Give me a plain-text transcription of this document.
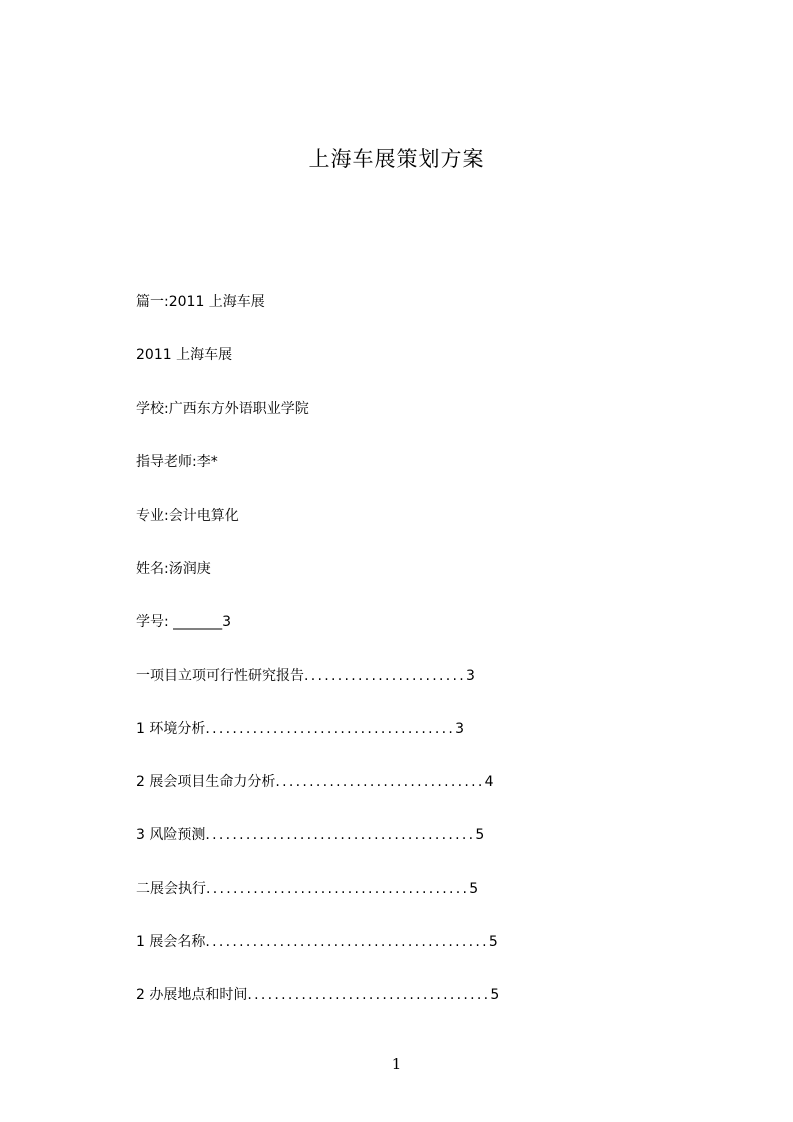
上海车展策划方案
篇一:2011 上海车展
2011 上海车展
学校:广西东方外语职业学院
指导老师:李*
专业:会计电算化
姓名:汤润庚
学号: _______3
一项目立项可行性研究报告........................3
1 环境分析.....................................3
2 展会项目生命力分析...............................4
3 风险预测........................................5
二展会执行.......................................5
1 展会名称..........................................5
2 办展地点和时间....................................5
1
